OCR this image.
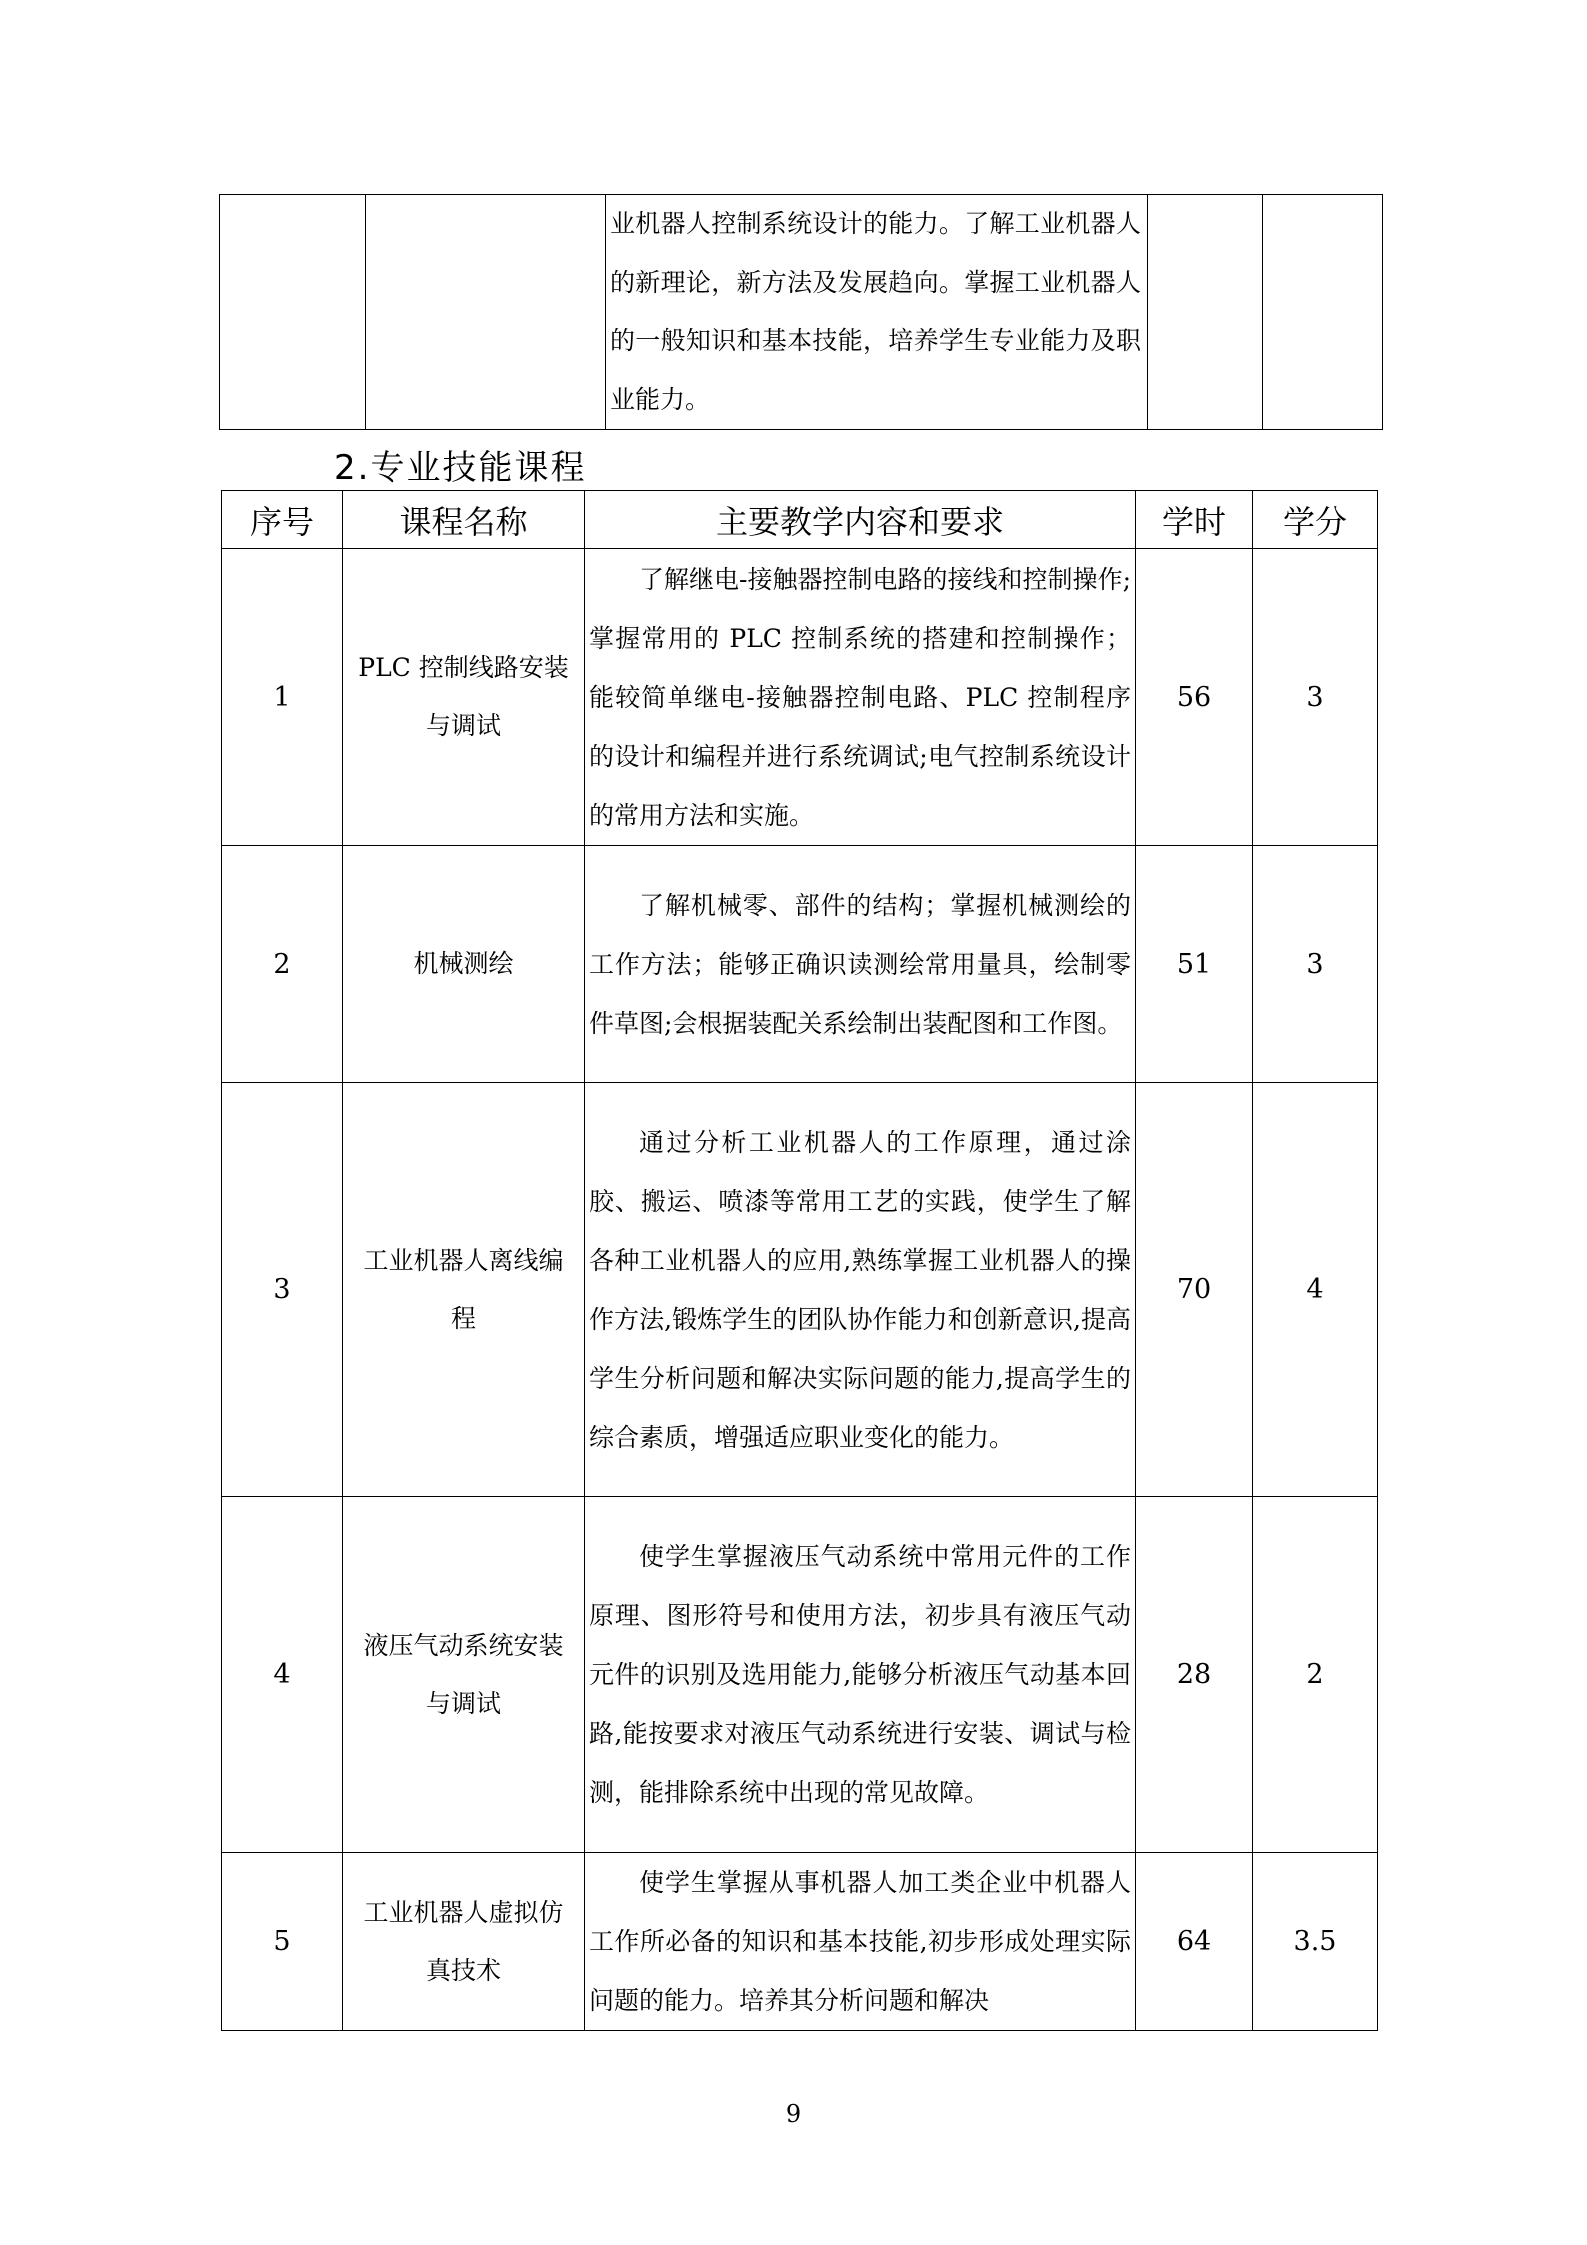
		业机器人控制系统设计的能力。了解工业机器人的新理论，新方法及发展趋向。掌握工业机器人的一般知识和基本技能，培养学生专业能力及职业能力。		
2.专业技能课程
序号	课程名称	主要教学内容和要求	学时	学分
1	PLC 控制线路安装与调试	了解继电-接触器控制电路的接线和控制操作;掌握常用的 PLC 控制系统的搭建和控制操作；能较简单继电-接触器控制电路、PLC 控制程序的设计和编程并进行系统调试;电气控制系统设计的常用方法和实施。	56	3
2	机械测绘	了解机械零、部件的结构；掌握机械测绘的工作方法；能够正确识读测绘常用量具，绘制零件草图;会根据装配关系绘制出装配图和工作图。	51	3
3	工业机器人离线编程	通过分析工业机器人的工作原理，通过涂胶、搬运、喷漆等常用工艺的实践，使学生了解各种工业机器人的应用,熟练掌握工业机器人的操作方法,锻炼学生的团队协作能力和创新意识,提高学生分析问题和解决实际问题的能力,提高学生的综合素质，增强适应职业变化的能力。	70	4
4	液压气动系统安装与调试	使学生掌握液压气动系统中常用元件的工作原理、图形符号和使用方法，初步具有液压气动元件的识别及选用能力,能够分析液压气动基本回路,能按要求对液压气动系统进行安装、调试与检测，能排除系统中出现的常见故障。	28	2
5	工业机器人虚拟仿真技术	使学生掌握从事机器人加工类企业中机器人工作所必备的知识和基本技能,初步形成处理实际问题的能力。培养其分析问题和解决	64	3.5
9
